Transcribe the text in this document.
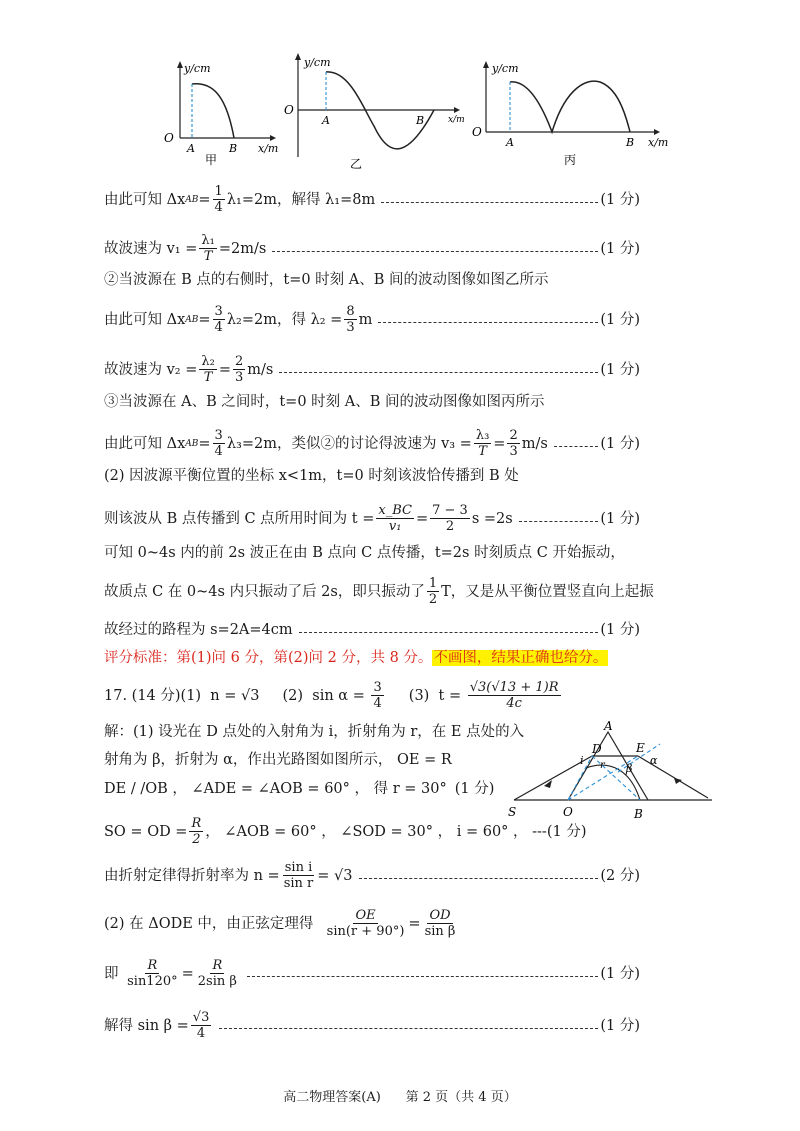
y/cm
O
A	B x/m
甲
y/cm
O
A	B	x/m
乙
y/cm
O
A	B x/m
丙
由此可知 Δx AB = $\frac{1}{4} \lambda_1=2m$，解得 λ₁=8m	(1 分)
故波速为 $v_1 = \frac{\text{λ₁}}{T} =2m/s$	(1 分)
②当波源在 B 点的右侧时，t=0 时刻 A、B 间的波动图像如图乙所示
由此可知 Δx AB = $\frac{3}{4} \lambda_2=2m$，得 $\lambda_2 = \frac{8}{3}$ m	(1 分)
故波速为 $v_2 = \frac{\text{λ₂}}{T} = \frac{2}{3} m/s$	(1 分)
③当波源在 A、B 之间时，t=0 时刻 A、B 间的波动图像如图丙所示
由此可知 Δx AB = $\frac{3}{4} \lambda_3=2m$，类似②的讨论得波速为 $v_3 = \frac{\text{λ₃}}{T} = \frac{2}{3} m/s$	(1 分)
(2) 因波源平衡位置的坐标 x<1m，t=0 时刻该波恰传播到 B 处
则该波从 B 点传播到 C 点所用时间为 $t = \frac{x\_BC}{\text{v₁}} = \frac{7 - 3}{2}$ s =2s	(1 分)
可知 0~4s 内的前 2s 波正在由 B 点向 C 点传播，t=2s 时刻质点 C 开始振动，
故质点 C 在 0~4s 内只振动了后 2s，即只振动了 $\frac{1}{2}$ T，又是从平衡位置竖直向上起振
故经过的路程为 s=2A=4cm	(1 分)
评分标准：第(1)问 6 分，第(2)问 2 分，共 8 分。不画图，结果正确也给分。
17. (14 分)(1)  n = √3     (2)  $\sin \alpha = \frac{3}{4} (3) t = \frac{√3(√13 + 1)R}{4c}$
解：(1) 设光在 D 点处的入射角为 i，折射角为 r，在 E 点处的入
射角为 β，折射为 α，作出光路图如图所示， OE = R
DE / /OB ， ∠ADE = ∠AOB = 60° ， 得 r = 30° (1 分)
SO = OD = $\frac{R}{2}$ ， ∠AOB = 60° ， ∠SOD = 30° ， i = 60° ， ---(1 分)
A
D
i r
E
α
β
S	O	B
由折射定律得折射率为 $n = \frac{\text{sin i}}{\text{sin r}} = √3$	(2 分)
(2) 在 ΔODE 中，由正弦定理得 $\frac{OE}{\sin(r + 90^\circ)} = \frac{OD}{\text{sin β}}$
即 $\frac{R}{\sin 120^\circ} = \frac{R}{\text{2sin β}}$	(1 分)
解得 $\sin \beta = \frac{√3}{4}$	(1 分)
高二物理答案(A)      第 2 页（共 4 页）
